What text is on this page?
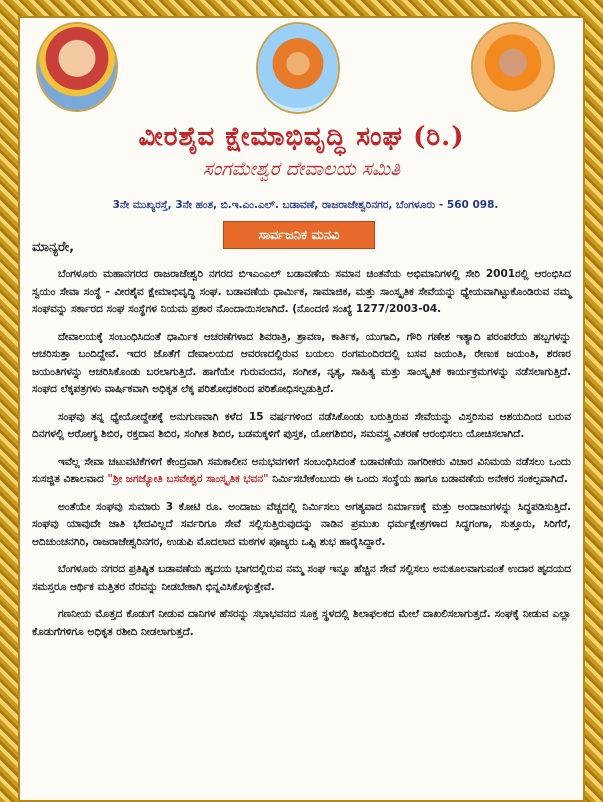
ವೀರಶೈವ ಕ್ಷೇಮಾಭಿವೃದ್ಧಿ ಸಂಘ (ರಿ.)
ಸಂಗಮೇಶ್ವರ ದೇವಾಲಯ ಸಮಿತಿ
3ನೇ ಮುಖ್ಯರಸ್ತೆ, 3ನೇ ಹಂತ, ಬಿ.ಇ.ಎಂ.ಎಲ್. ಬಡಾವಣೆ, ರಾಜರಾಜೇಶ್ವರಿನಗರ, ಬೆಂಗಳೂರು - 560 098.
ಸಾರ್ವಜನಿಕ ಮನವಿ
ಮಾನ್ಯರೇ,

ಬೆಂಗಳೂರು ಮಹಾನಗರದ ರಾಜರಾಜೇಶ್ವರಿ ನಗರದ ಬಿಇಎಂಎಲ್ ಬಡಾವಣೆಯ ಸಮಾನ ಚಿಂತನೆಯ ಅಭಿಮಾನಿಗಳಲ್ಲಿ ಸೇರಿ 2001ರಲ್ಲಿ ಆರಂಭಿಸಿದ ಸ್ವಯಂ ಸೇವಾ ಸಂಸ್ಥೆ - ವೀರಶೈವ ಕ್ಷೇಮಾಭಿವೃದ್ಧಿ ಸಂಘ. ಬಡಾವಣೆಯ ಧಾರ್ಮಿಕ, ಸಾಮಾಜಿಕ, ಮತ್ತು ಸಾಂಸ್ಕೃತಿಕ ಸೇವೆಯನ್ನು ಧ್ಯೇಯವಾಗಿಟ್ಟುಕೊಂಡಿರುವ ನಮ್ಮ ಸಂಘವನ್ನು ಸರ್ಕಾರದ ಸಂಘ ಸಂಸ್ಥೆಗಳ ನಿಯಮ ಪ್ರಕಾರ ನೊಂದಾಯಿಸಲಾಗಿದೆ. (ನೊಂದಣಿ ಸಂಖ್ಯೆ 1277/2003-04.

ದೇವಾಲಯಕ್ಕೆ ಸಂಬಂಧಿಸಿದಂತೆ ಧಾರ್ಮಿಕ ಆಚರಣೆಗಳಾದ ಶಿವರಾತ್ರಿ, ಶ್ರಾವಣ, ಕಾರ್ತಿಕ, ಯುಗಾದಿ, ಗೌರಿ ಗಣೇಶ ಇತ್ಯಾದಿ ಪರಂಪರೆಯ ಹಬ್ಬಗಳನ್ನು ಆಚರಿಸುತ್ತಾ ಬಂದಿದ್ದೇವೆ. ಇದರ ಜೊತೆಗೆ ದೇವಾಲಯದ ಆವರಣದಲ್ಲಿರುವ ಬಯಲು ರಂಗಮಂದಿರದಲ್ಲಿ ಬಸವ ಜಯಂತಿ, ರೇಣುಕ ಜಯಂತಿ, ಶರಣರ ಜಯಂತಿಗಳನ್ನು ಆಚರಿಸಿಕೊಂಡು ಬರಲಾಗುತ್ತಿದೆ. ಹಾಗೆಯೇ ಗುರುವಂದನ, ಸಂಗೀತ, ನೃತ್ಯ, ಸಾಹಿತ್ಯ ಮತ್ತು ಸಾಂಸ್ಕೃತಿಕ ಕಾರ್ಯಕ್ರಮಗಳನ್ನು ನಡೆಸಲಾಗುತ್ತಿದೆ. ಸಂಘದ ಲೆಕ್ಕಪತ್ರಗಳು ವಾರ್ಷಿಕವಾಗಿ ಅಧಿಕೃತ ಲೆಕ್ಕ ಪರಿಶೋಧಕರಿಂದ ಪರಿಶೋಧಿಸಲ್ಪಡುತ್ತಿದೆ.

ಸಂಘವು ತನ್ನ ಧ್ಯೇಯೋದ್ದೇಶಕ್ಕೆ ಅನುಗುಣವಾಗಿ ಕಳೆದ 15 ವರ್ಷಗಳಿಂದ ನಡೆಸಿಕೊಂಡು ಬರುತ್ತಿರುವ ಸೇವೆಯನ್ನು ವಿಸ್ತರಿಸುವ ಆಶಯದಿಂದ ಬರುವ ದಿನಗಳಲ್ಲಿ ಆರೋಗ್ಯ ಶಿಬಿರ, ರಕ್ತದಾನ ಶಿಬಿರ, ಸಂಗೀತ ಶಿಬಿರ, ಬಡಮಕ್ಕಳಿಗೆ ಪುಸ್ತಕ, ಯೋಗಶಿಬಿರ, ಸಮವಸ್ತ್ರ ವಿತರಣೆ ಆರಂಭಿಸಲು ಯೋಚಿಸಲಾಗಿದೆ.

ಇವೆಲ್ಲ ಸೇವಾ ಚಟುವಟಿಕೆಗಳಿಗೆ ಕೇಂದ್ರವಾಗಿ ಸಮಕಾಲೀನ ಅನುಭವಗಳಿಗೆ ಸಂಬಂಧಿಸಿದಂತೆ ಬಡಾವಣೆಯ ನಾಗರೀಕರು ವಿಚಾರ ವಿನಿಮಯ ನಡೆಸಲು ಒಂದು ಸುಸಜ್ಜಿತ ವಿಶಾಲವಾದ "ಶ್ರೀ ಜಗಜ್ಯೋತಿ ಬಸವೇಶ್ವರ ಸಾಂಸ್ಕೃತಿಕ ಭವನ" ನಿರ್ಮಿಸಬೇಕೆಂಬುದು ಈ ಒಂದು ಸಂಸ್ಥೆಯ ಹಾಗೂ ಬಡಾವಣೆಯ ಅನೇಕರ ಸಂಕಲ್ಪವಾಗಿದೆ.

ಅಂತೆಯೇ ಸಂಘವು ಸುಮಾರು 3 ಕೋಟಿ ರೂ. ಅಂದಾಜು ವೆಚ್ಚದಲ್ಲಿ ನಿರ್ಮಿಸಲು ಅಗತ್ಯವಾದ ನಿರ್ಮಾಣಕ್ಕೆ ಮತ್ತು ಅಂದಾಜುಗಳನ್ನು ಸಿದ್ಧಪಡಿಸುತ್ತಿದೆ. ಸಂಘವು ಯಾವುದೇ ಜಾತಿ ಭೇದವಿಲ್ಲದೆ ಸರ್ವರಿಗೂ ಸೇವೆ ಸಲ್ಲಿಸುತ್ತಿರುವುದನ್ನು ನಾಡಿನ ಪ್ರಮುಖ ಧರ್ಮಕ್ಷೇತ್ರಗಳಾದ ಸಿದ್ಧಗಂಗಾ, ಸುತ್ತೂರು, ಸಿರಿಗೆರೆ, ಆದಿಚುಂಚನಗಿರಿ, ರಾಜರಾಜೇಶ್ವರಿನಗರ, ಉಡುಪಿ ಮೊದಲಾದ ಮಠಗಳ ಪೂಜ್ಯರು ಒಪ್ಪಿ ಶುಭ ಹಾರೈಸಿದ್ದಾರೆ.

ಬೆಂಗಳೂರು ನಗರದ ಪ್ರತಿಷ್ಠಿತ ಬಡಾವಣೆಯ ಹೃದಯ ಭಾಗದಲ್ಲಿರುವ ನಮ್ಮ ಸಂಘ ಇನ್ನೂ ಹೆಚ್ಚಿನ ಸೇವೆ ಸಲ್ಲಿಸಲು ಅನುಕೂಲವಾಗುವಂತೆ ಉದಾರ ಹೃದಯದ ಸಮಸ್ತರೂ ಆರ್ಥಿಕ ಮತ್ತಿತರ ನೆರವನ್ನು ನೀಡಬೇಕಾಗಿ ಭಿನ್ನವಿಸಿಕೊಳ್ಳುತ್ತೇವೆ.

ಗಣನೀಯ ಮೊತ್ತದ ಕೊಡುಗೆ ನೀಡುವ ದಾನಿಗಳ ಹೆಸರನ್ನು ಸಭಾಭವನದ ಸೂಕ್ತ ಸ್ಥಳದಲ್ಲಿ ಶಿಲಾಫಲಕದ ಮೇಲೆ ದಾಖಲಿಸಲಾಗುತ್ತದೆ. ಸಂಘಕ್ಕೆ ನೀಡುವ ಎಲ್ಲಾ ಕೊಡುಗೆಗಳಿಗೂ ಅಧಿಕೃತ ರಶೀದಿ ನೀಡಲಾಗುತ್ತದೆ.
